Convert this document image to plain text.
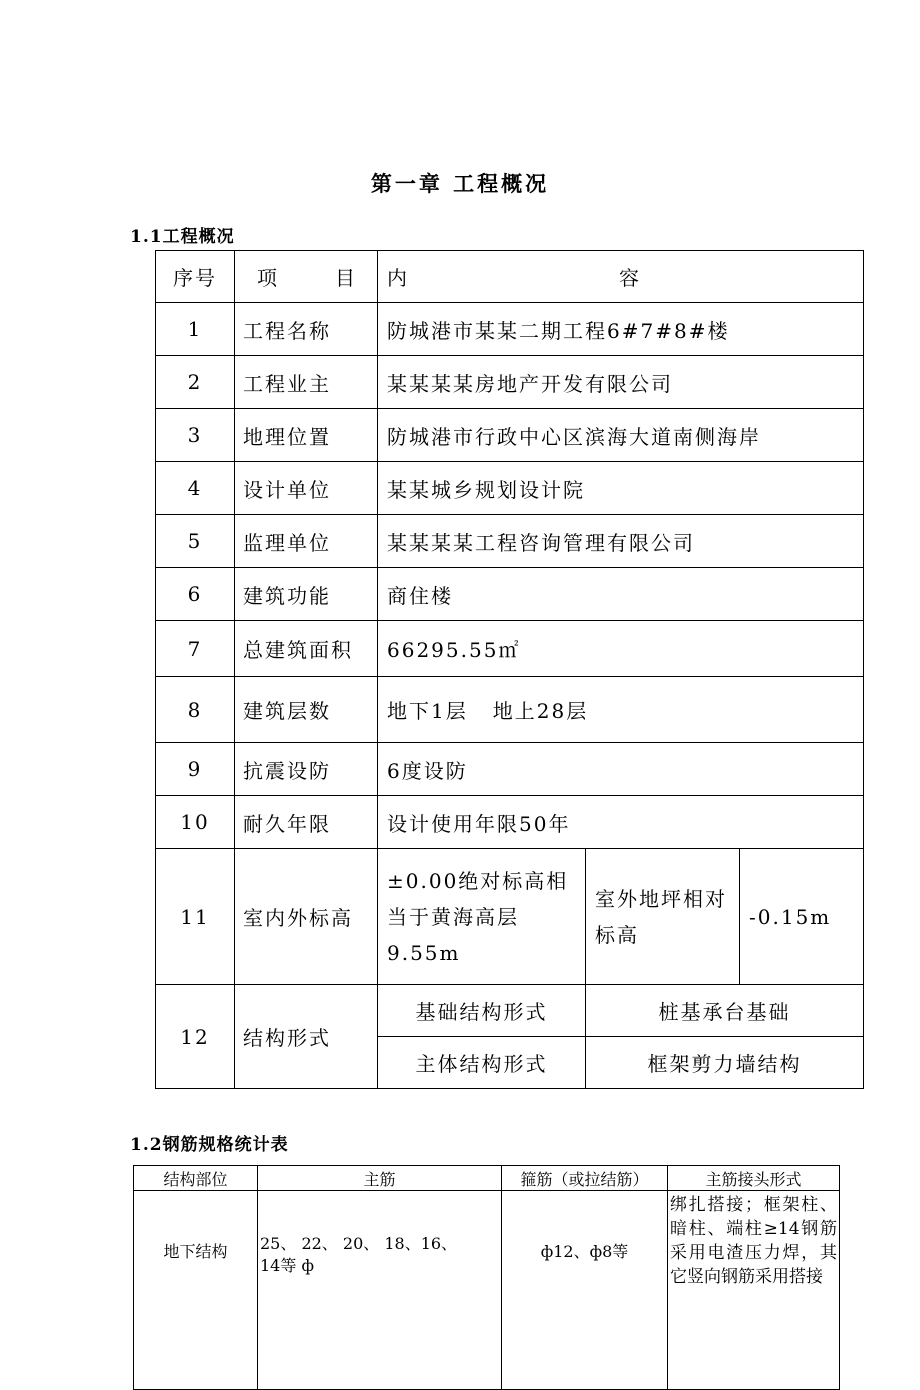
第一章 工程概况
1.1工程概况
序号	项 目	内 容		

1	工程名称	防城港市某某二期工程6#7#8#楼		
2	工程业主	某某某某房地产开发有限公司		
3	地理位置	防城港市行政中心区滨海大道南侧海岸		
4	设计单位	某某城乡规划设计院		
5	监理单位	某某某某工程咨询管理有限公司		
6	建筑功能	商住楼		
7	总建筑面积	66295.55㎡		
8	建筑层数	地下1层   地上28层		
9	抗震设防	6度设防		
10	耐久年限	设计使用年限50年		
11	室内外标高	±0.00绝对标高相当于黄海高层9.55m	室外地坪相对标高	-0.15m
12	结构形式	基础结构形式	桩基承台基础	
		主体结构形式	框架剪力墙结构	
1.2钢筋规格统计表
结构部位	主筋	箍筋（或拉结筋）	主筋接头形式
地下结构	25、 22、 20、 18、16、 14等 ф	ф12、ф8等	绑扎搭接；框架柱、暗柱、端柱≥14钢筋采用电渣压力焊，其它竖向钢筋采用搭接
